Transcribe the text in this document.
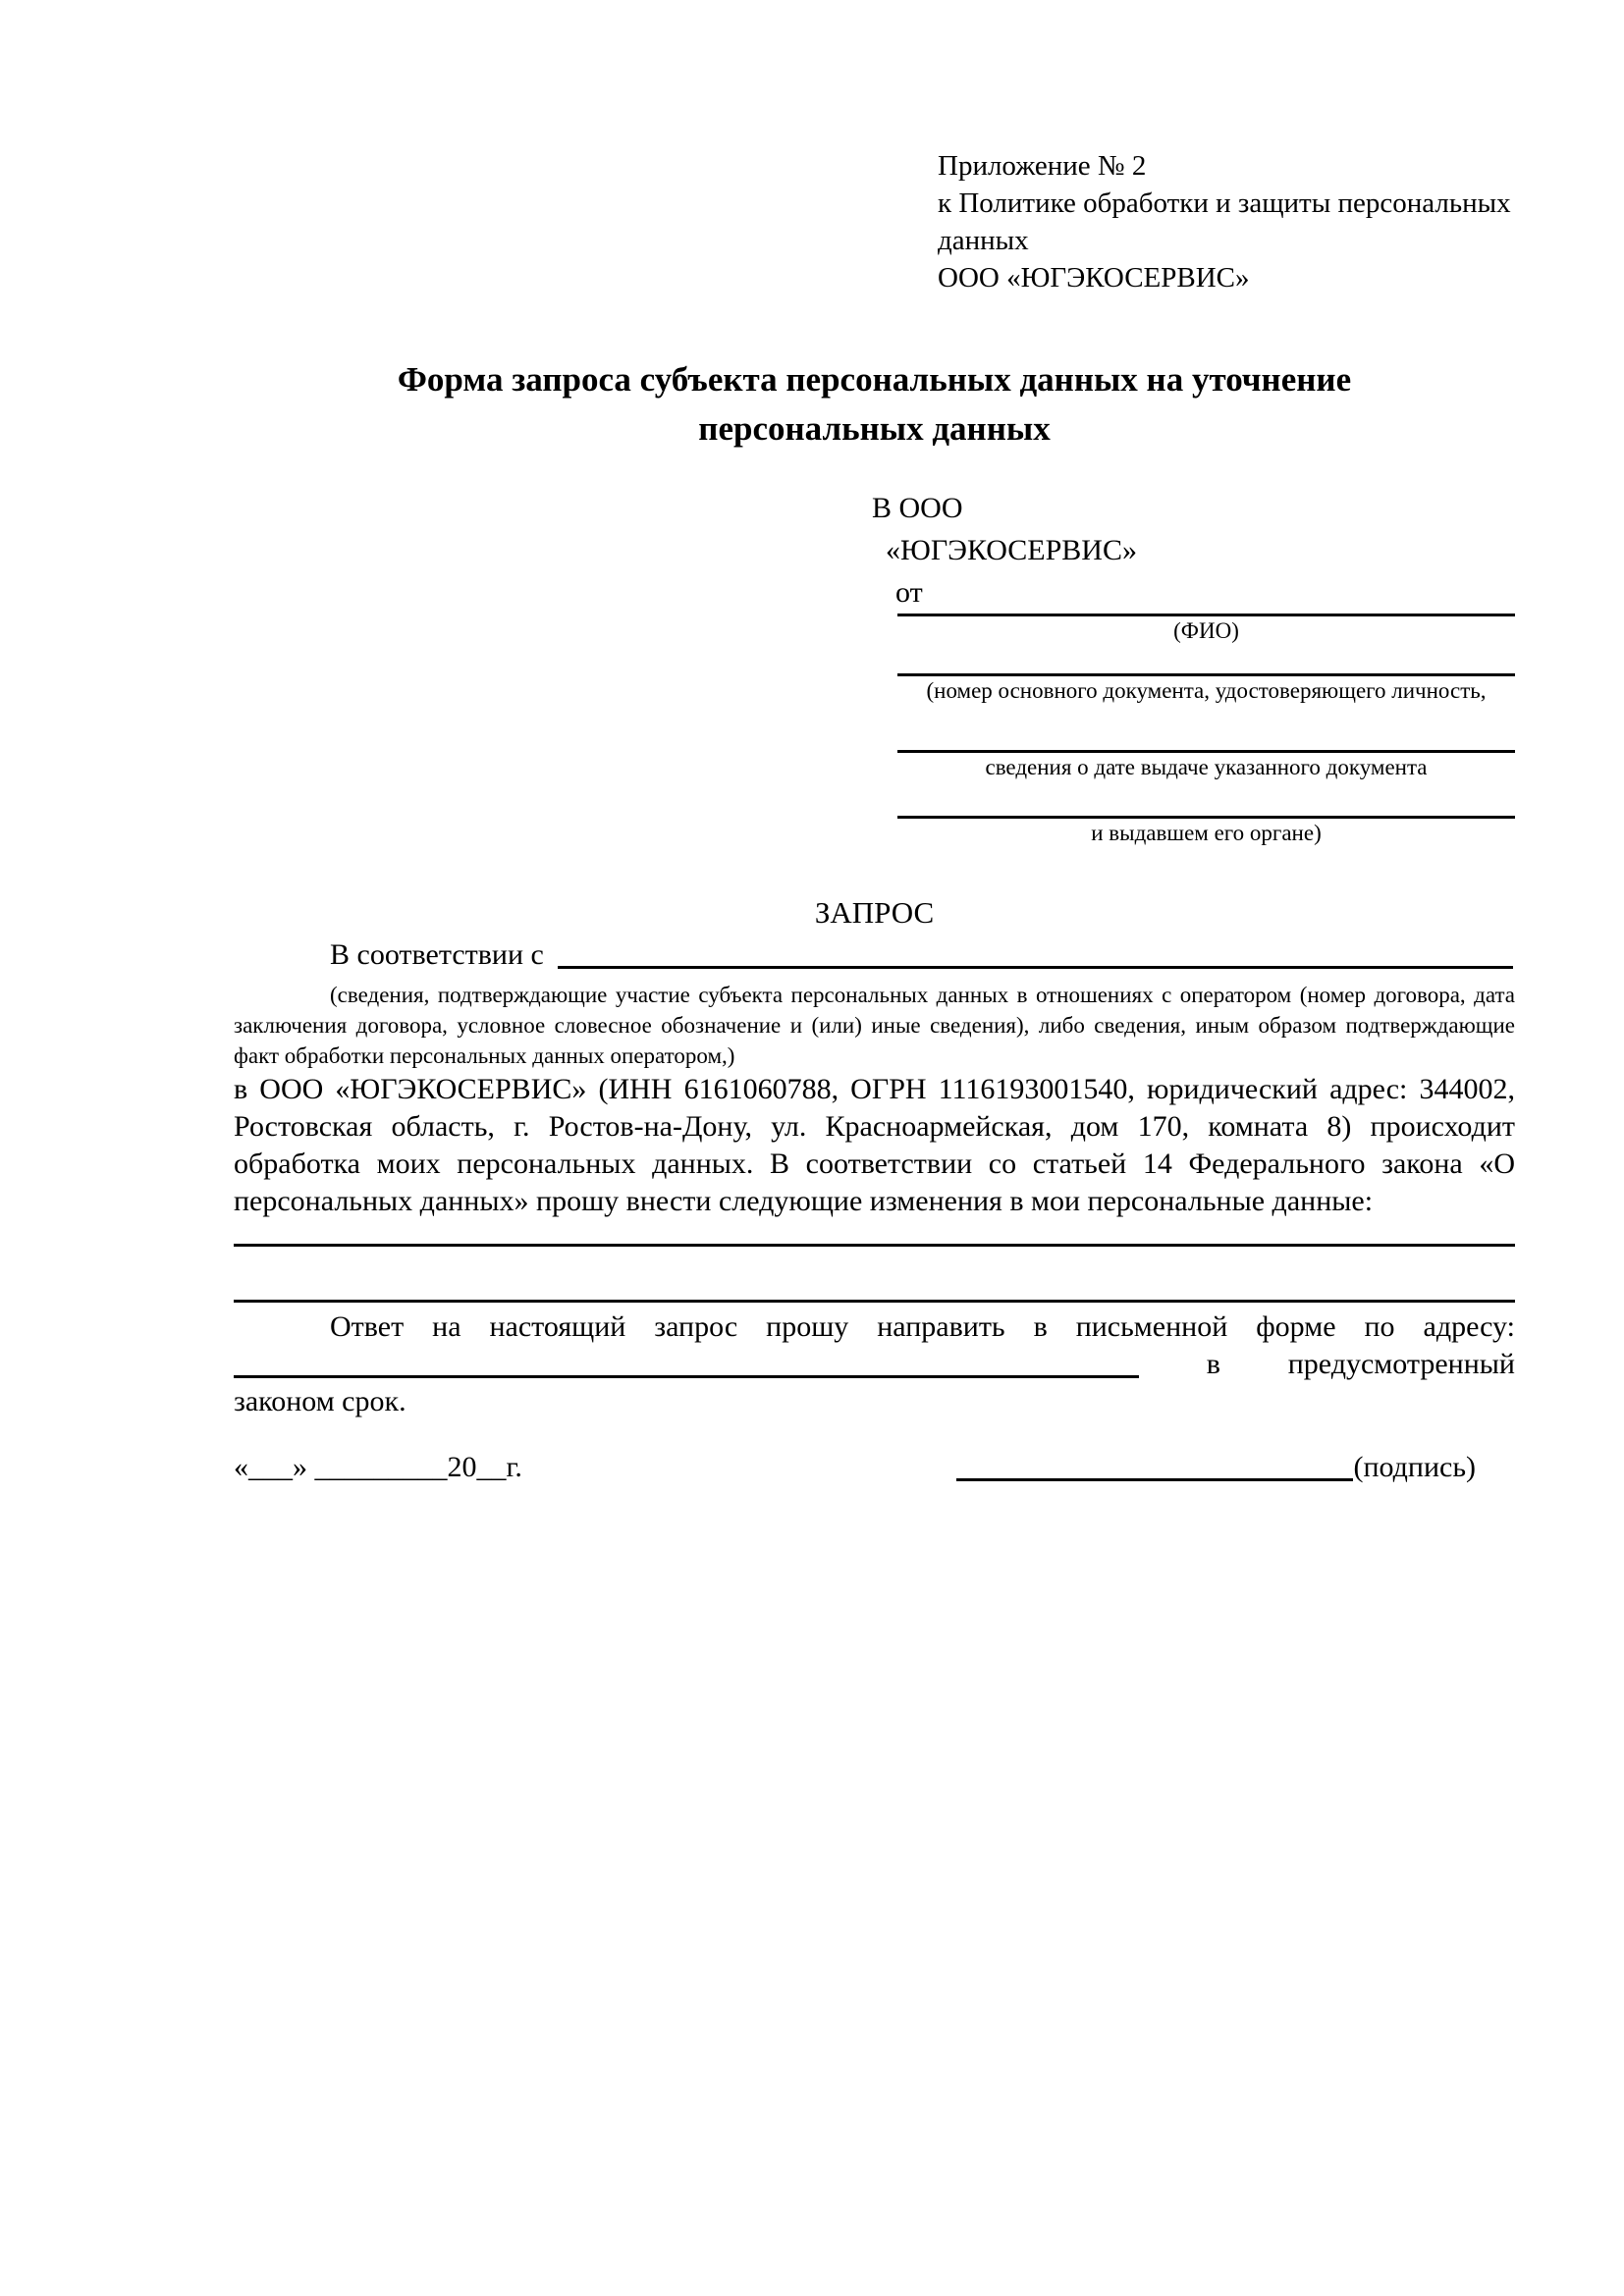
Приложение № 2
к Политике обработки и защиты персональных
данных
ООО «ЮГЭКОСЕРВИС»
Форма запроса субъекта персональных данных на уточнение
персональных данных
В ООО
«ЮГЭКОСЕРВИС»
от
(ФИО)
(номер основного документа, удостоверяющего личность,
сведения о дате выдаче указанного документа
и выдавшем его органе)
ЗАПРОС
В соответствии с
(сведения, подтверждающие участие субъекта персональных данных в отношениях с оператором (номер договора, дата заключения договора, условное словесное обозначение и (или) иные сведения), либо сведения, иным образом подтверждающие факт обработки персональных данных оператором,)
в ООО «ЮГЭКОСЕРВИС» (ИНН 6161060788, ОГРН 1116193001540, юридический адрес: 344002, Ростовская область, г. Ростов-на-Дону, ул. Красноармейская, дом 170, комната 8) происходит обработка моих персональных данных. В соответствии со статьей 14 Федерального закона «О персональных данных» прошу внести следующие изменения в мои персональные данные:
Ответ на настоящий запрос прошу направить в письменной форме по адресу:
в предусмотренный
законом срок.
«___» _________20__г.	(подпись)
